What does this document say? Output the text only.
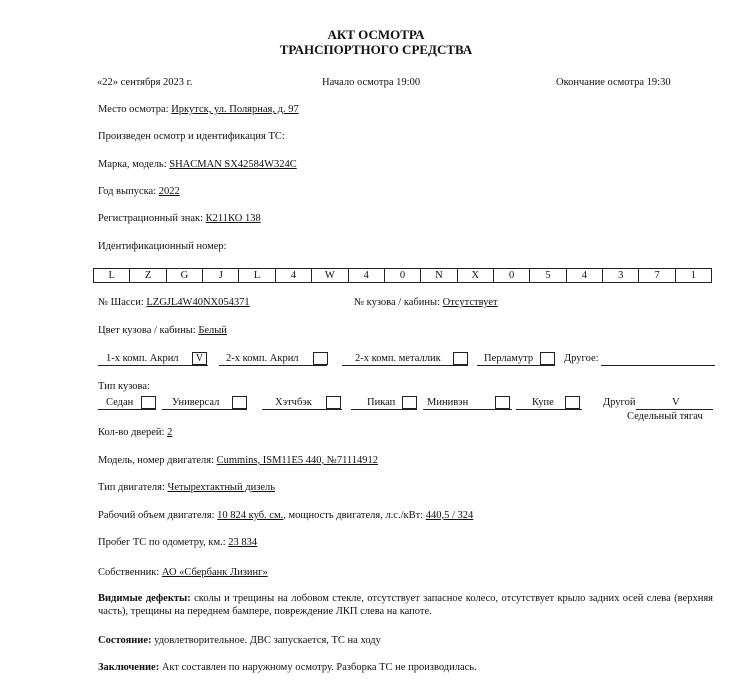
АКТ ОСМОТРА
ТРАНСПОРТНОГО СРЕДСТВА
«22» сентября 2023 г.	Начало осмотра 19:00	Окончание осмотра 19:30
Место осмотра: Иркутск, ул. Полярная, д. 97
Произведен осмотр и идентификация ТС:
Марка, модель: SHACMAN SX42584W324C
Год выпуска: 2022
Регистрационный знак: К211КО 138
Идентификационный номер:
L	Z	G	J	L	4	W	4	0	N	X	0	5	4	3	7	1
№ Шасси: LZGJL4W40NX054371	№ кузова / кабины: Отсутствует
Цвет кузова / кабины: Белый
1-х комп. Акрил	V	2-х комп. Акрил	2-х комп. металлик	Перламутр	Другое:
Тип кузова:
Седан	Универсал	Хэтчбэк	Пикап	Минивэн	Купе	Другой	V
Седельный тягач
Кол-во дверей: 2
Модель, номер двигателя: Cummins, ISM11E5 440, №71114912
Тип двигателя: Четырехтактный дизель
Рабочий объем двигателя: 10 824 куб. см., мощность двигателя, л.с./кВт: 440,5 / 324
Пробег ТС по одометру, км.: 23 834
Собственник: АО «Сбербанк Лизинг»
Видимые дефекты: сколы и трещины на лобовом стекле, отсутствует запасное колесо, отсутствует крыло задних осей слева (верхняя часть), трещины на переднем бампере, повреждение ЛКП слева на капоте.
Состояние: удовлетворительное. ДВС запускается, ТС на ходу
Заключение: Акт составлен по наружному осмотру. Разборка ТС не производилась.
